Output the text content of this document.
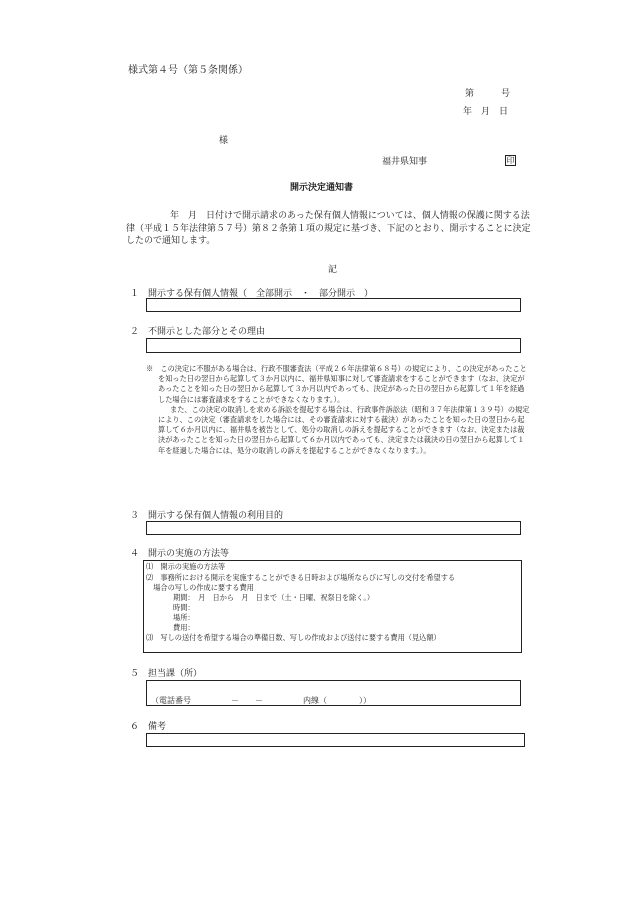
様式第４号（第５条関係）
第　　　号
年　月　日
様
福井県知事	印
開示決定通知書

年　月　日付けで開示請求のあった保有個人情報については、個人情報の保護に関する法律（平成１５年法律第５７号）第８２条第１項の規定に基づき、下記のとおり、開示することに決定したので通知します。

記
１　開示する保有個人情報（　全部開示　・　部分開示　）
２　不開示とした部分とその理由

※　この決定に不服がある場合は、行政不服審査法（平成２６年法律第６８号）の規定により、この決定があったことを知った日の翌日から起算して３か月以内に、福井県知事に対して審査請求をすることができます（なお、決定があったことを知った日の翌日から起算して３か月以内であっても、決定があった日の翌日から起算して１年を経過した場合には審査請求をすることができなくなります。）。

また、この決定の取消しを求める訴訟を提起する場合は、行政事件訴訟法（昭和３７年法律第１３９号）の規定により、この決定（審査請求をした場合には、その審査請求に対する裁決）があったことを知った日の翌日から起算して６か月以内に、福井県を被告として、処分の取消しの訴えを提起することができます（なお、決定または裁決があったことを知った日の翌日から起算して６か月以内であっても、決定または裁決の日の翌日から起算して１年を経過した場合には、処分の取消しの訴えを提起することができなくなります。）。

３　開示する保有個人情報の利用目的
４　開示の実施の方法等
⑴　開示の実施の方法等
⑵　事務所における開示を実施することができる日時および場所ならびに写しの交付を希望する
　場合の写しの作成に要する費用
期間：　月　日から　月　日まで（土・日曜、祝祭日を除く。）
時間：
場所：
費用：
⑶　写しの送付を希望する場合の準備日数、写しの作成および送付に要する費用（見込額）
５　担当課（所）
（電話番号　　　　　－　　－　　　　　内線（　　　　））
６　備考
